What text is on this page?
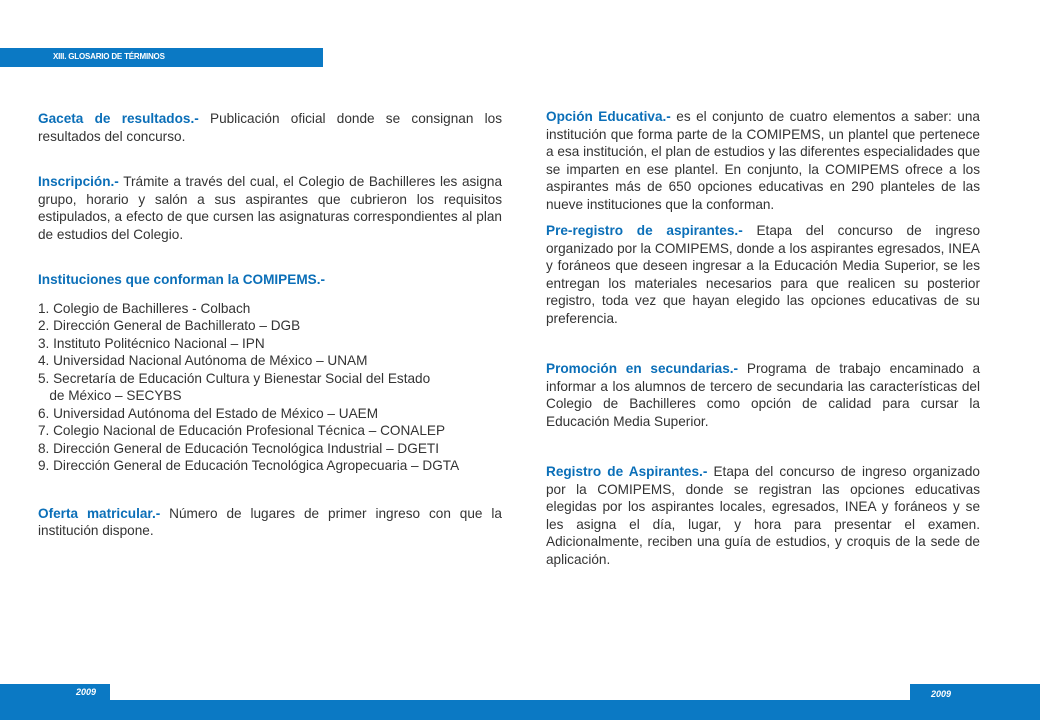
XIII. GLOSARIO DE TÉRMINOS

Gaceta de resultados.- Publicación oficial donde se consignan los resultados del concurso.

Inscripción.- Trámite a través del cual, el Colegio de Bachilleres les asigna grupo, horario y salón a sus aspirantes que cubrieron los requisitos estipulados, a efecto de que cursen las asignaturas correspondientes al plan de estudios del Colegio.

Instituciones que conforman la COMIPEMS.-

1. Colegio de Bachilleres - Colbach
2. Dirección General de Bachillerato – DGB
3. Instituto Politécnico Nacional – IPN
4. Universidad Nacional Autónoma de México – UNAM
5. Secretaría de Educación Cultura y Bienestar Social del Estado
de México – SECYBS
6. Universidad Autónoma del Estado de México – UAEM
7. Colegio Nacional de Educación Profesional Técnica – CONALEP
8. Dirección General de Educación Tecnológica Industrial – DGETI
9. Dirección General de Educación Tecnológica Agropecuaria – DGTA

Oferta matricular.- Número de lugares de primer ingreso con que la institución dispone.

Opción Educativa.- es el conjunto de cuatro elementos a saber: una institución que forma parte de la COMIPEMS, un plantel que pertenece a esa institución, el plan de estudios y las diferentes especialidades que se imparten en ese plantel. En conjunto, la COMIPEMS ofrece a los aspirantes más de 650 opciones educativas en 290 planteles de las nueve instituciones que la conforman.

Pre-registro de aspirantes.- Etapa del concurso de ingreso organizado por la COMIPEMS, donde a los aspirantes egresados, INEA y foráneos que deseen ingresar a la Educación Media Superior, se les entregan los materiales necesarios para que realicen su posterior registro, toda vez que hayan elegido las opciones educativas de su preferencia.

Promoción en secundarias.- Programa de trabajo encaminado a informar a los alumnos de tercero de secundaria las características del Colegio de Bachilleres como opción de calidad para cursar la Educación Media Superior.

Registro de Aspirantes.- Etapa del concurso de ingreso organizado por la COMIPEMS, donde se registran las opciones educativas elegidas por los aspirantes locales, egresados, INEA y foráneos y se les asigna el día, lugar, y hora para presentar el examen. Adicionalmente, reciben una guía de estudios, y croquis de la sede de aplicación.

2009	2009
